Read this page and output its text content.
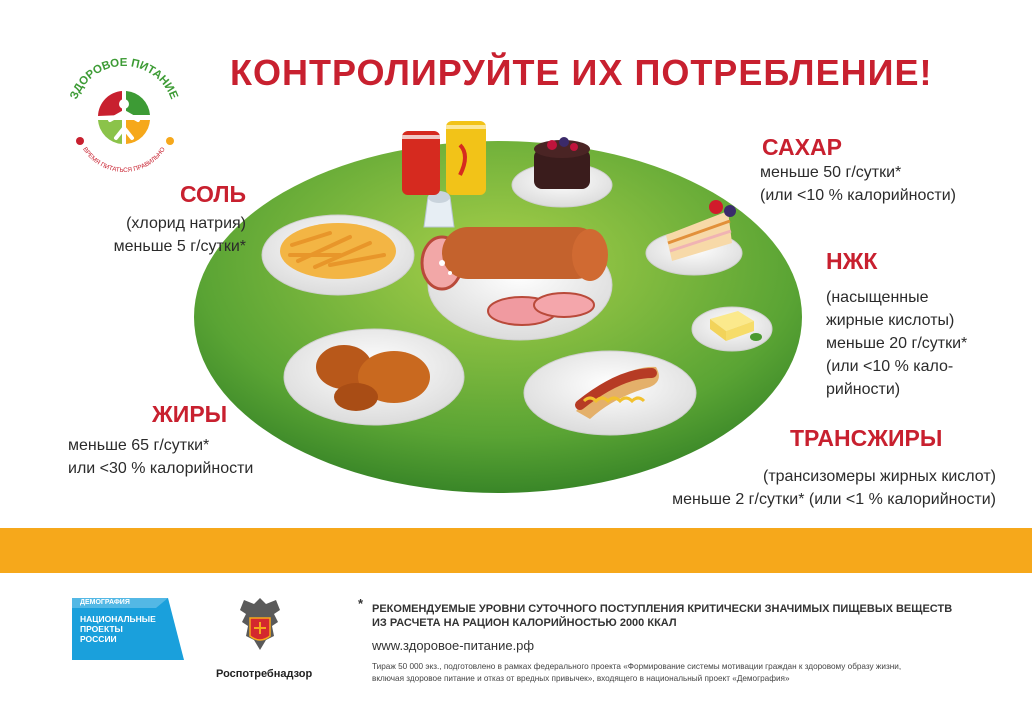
ЗДОРОВОЕ ПИТАНИЕ
ВРЕМЯ ПИТАТЬСЯ ПРАВИЛЬНО
КОНТРОЛИРУЙТЕ ИХ ПОТРЕБЛЕНИЕ!
СОЛЬ
(хлорид натрия)
меньше 5 г/сутки*
ЖИРЫ
меньше 65 г/сутки*
или <30 % калорийности
САХАР
меньше 50 г/сутки*
(или <10 % калорийности)
НЖК
(насыщенные
жирные кислоты)
меньше 20 г/сутки*
(или <10 % кало-
рийности)
ТРАНСЖИРЫ
(трансизомеры жирных кислот)
меньше 2 г/сутки* (или <1 % калорийности)
ДЕМОГРАФИЯ
НАЦИОНАЛЬНЫЕ
ПРОЕКТЫ
РОССИИ
Роспотребнадзор
* РЕКОМЕНДУЕМЫЕ УРОВНИ СУТОЧНОГО ПОСТУПЛЕНИЯ КРИТИЧЕСКИ ЗНАЧИМЫХ ПИЩЕВЫХ ВЕЩЕСТВ
ИЗ РАСЧЕТА НА РАЦИОН КАЛОРИЙНОСТЬЮ 2000 ККАЛ
www.здоровое-питание.рф
Тираж 50 000 экз., подготовлено в рамках федерального проекта «Формирование системы мотивации граждан к здоровому образу жизни,
включая здоровое питание и отказ от вредных привычек», входящего в национальный проект «Демография»
